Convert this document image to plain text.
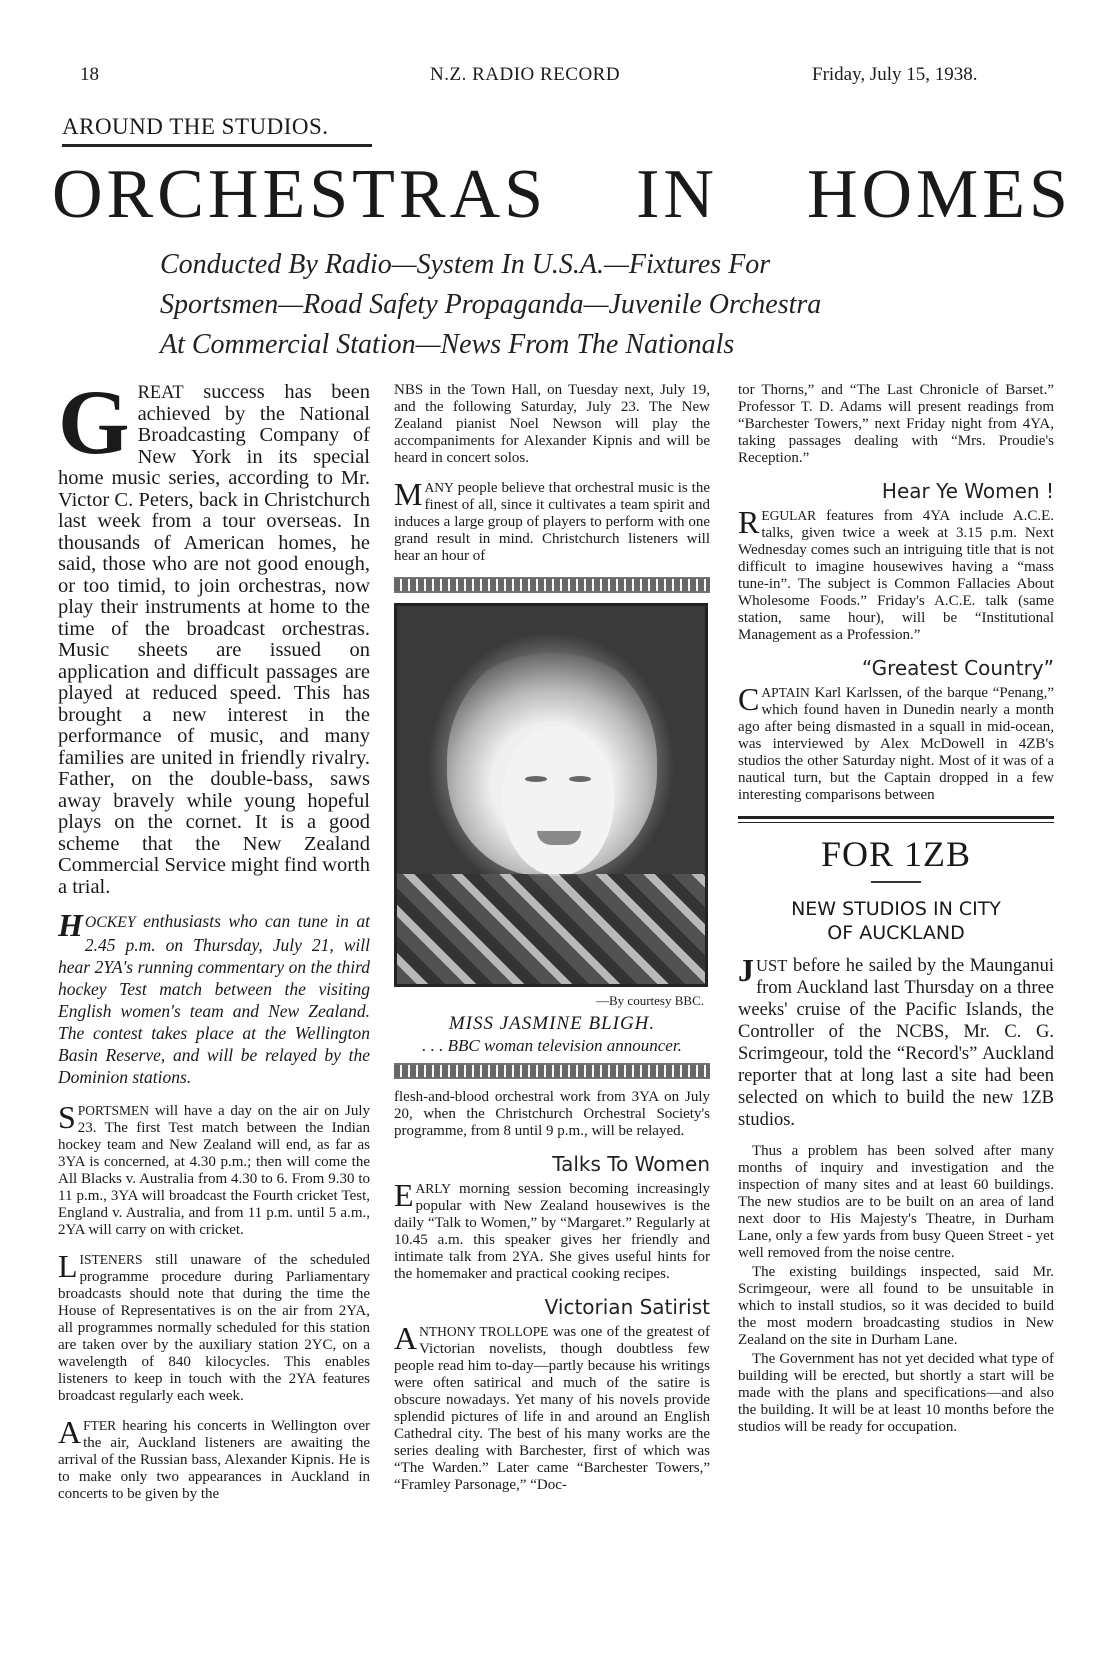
18	N.Z. RADIO RECORD	Friday, July 15, 1938.
AROUND THE STUDIOS.
ORCHESTRAS IN HOMES
Conducted By Radio—System In U.S.A.—Fixtures For
Sportsmen—Road Safety Propaganda—Juvenile Orchestra
At Commercial Station—News From The Nationals

GREAT success has been achieved by the National Broadcasting Company of New York in its special home music series, according to Mr. Victor C. Peters, back in Christchurch last week from a tour overseas. In thousands of American homes, he said, those who are not good enough, or too timid, to join orchestras, now play their instruments at home to the time of the broadcast orchestras. Music sheets are issued on application and difficult passages are played at reduced speed. This has brought a new interest in the performance of music, and many families are united in friendly rivalry. Father, on the double-bass, saws away bravely while young hopeful plays on the cornet. It is a good scheme that the New Zealand Commercial Service might find worth a trial.

HOCKEY enthusiasts who can tune in at 2.45 p.m. on Thursday, July 21, will hear 2YA's running commentary on the third hockey Test match between the visiting English women's team and New Zealand. The contest takes place at the Wellington Basin Reserve, and will be relayed by the Dominion stations.

SPORTSMEN will have a day on the air on July 23. The first Test match between the Indian hockey team and New Zealand will end, as far as 3YA is concerned, at 4.30 p.m.; then will come the All Blacks v. Australia from 4.30 to 6. From 9.30 to 11 p.m., 3YA will broadcast the Fourth cricket Test, England v. Australia, and from 11 p.m. until 5 a.m., 2YA will carry on with cricket.

LISTENERS still unaware of the scheduled programme procedure during Parliamentary broadcasts should note that during the time the House of Representatives is on the air from 2YA, all programmes normally scheduled for this station are taken over by the auxiliary station 2YC, on a wavelength of 840 kilocycles. This enables listeners to keep in touch with the 2YA features broadcast regularly each week.

AFTER hearing his concerts in Wellington over the air, Auckland listeners are awaiting the arrival of the Russian bass, Alexander Kipnis. He is to make only two appearances in Auckland in concerts to be given by the

NBS in the Town Hall, on Tuesday next, July 19, and the following Saturday, July 23. The New Zealand pianist Noel Newson will play the accompaniments for Alexander Kipnis and will be heard in concert solos.

MANY people believe that orchestral music is the finest of all, since it cultivates a team spirit and induces a large group of players to perform with one grand result in mind. Christchurch listeners will hear an hour of

—By courtesy BBC.

MISS JASMINE BLIGH.

. . . BBC woman television announcer.

flesh-and-blood orchestral work from 3YA on July 20, when the Christchurch Orchestral Society's programme, from 8 until 9 p.m., will be relayed.

Talks To Women

EARLY morning session becoming increasingly popular with New Zealand housewives is the daily “Talk to Women,” by “Margaret.” Regularly at 10.45 a.m. this speaker gives her friendly and intimate talk from 2YA. She gives useful hints for the homemaker and practical cooking recipes.

Victorian Satirist

ANTHONY TROLLOPE was one of the greatest of Victorian novelists, though doubtless few people read him to-day—partly because his writings were often satirical and much of the satire is obscure nowadays. Yet many of his novels provide splendid pictures of life in and around an English Cathedral city. The best of his many works are the series dealing with Barchester, first of which was “The Warden.” Later came “Barchester Towers,” “Framley Parsonage,” “Doc-

tor Thorns,” and “The Last Chronicle of Barset.” Professor T. D. Adams will present readings from “Barchester Towers,” next Friday night from 4YA, taking passages dealing with “Mrs. Proudie's Reception.”

Hear Ye Women !

REGULAR features from 4YA include A.C.E. talks, given twice a week at 3.15 p.m. Next Wednesday comes such an intriguing title that is not difficult to imagine housewives having a “mass tune-in”. The subject is Common Fallacies About Wholesome Foods.” Friday's A.C.E. talk (same station, same hour), will be “Institutional Management as a Profession.”

“Greatest Country”

CAPTAIN Karl Karlssen, of the barque “Penang,” which found haven in Dunedin nearly a month ago after being dismasted in a squall in mid-ocean, was interviewed by Alex McDowell in 4ZB's studios the other Saturday night. Most of it was of a nautical turn, but the Captain dropped in a few interesting comparisons between

FOR 1ZB
NEW STUDIOS IN CITY
OF AUCKLAND

JUST before he sailed by the Maunganui from Auckland last Thursday on a three weeks' cruise of the Pacific Islands, the Controller of the NCBS, Mr. C. G. Scrimgeour, told the “Record's” Auckland reporter that at long last a site had been selected on which to build the new 1ZB studios.

Thus a problem has been solved after many months of inquiry and investigation and the inspection of many sites and at least 60 buildings. The new studios are to be built on an area of land next door to His Majesty's Theatre, in Durham Lane, only a few yards from busy Queen Street - yet well removed from the noise centre.

The existing buildings inspected, said Mr. Scrimgeour, were all found to be unsuitable in which to install studios, so it was decided to build the most modern broadcasting studios in New Zealand on the site in Durham Lane.

The Government has not yet decided what type of building will be erected, but shortly a start will be made with the plans and specifications—and also the building. It will be at least 10 months before the studios will be ready for occupation.
